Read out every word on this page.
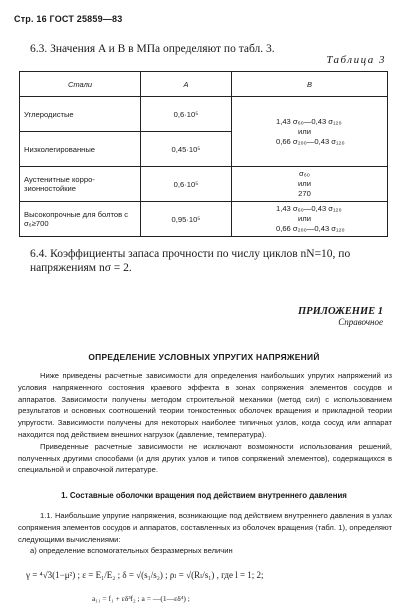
Стр. 16 ГОСТ 25859—83
6.3. Значения A и B в МПа определяют по табл. 3.
Таблица 3
Стали	A	B
Углеродистые	0,6·10⁵	1,43 σ₆₀—0,43 σ₁₂₀
или
0,66 σ₂₀₀—0,43 σ₁₂₀

Низколегированные	0,45·10⁵	
Аустенитные корро-зионностойкие	0,6·10⁵	σ₆₀
или
270

Высокопрочные для болтов с σ₆≥700	0,95·10⁵	1,43 σ₆₀—0,43 σ₁₂₀
или
0,66 σ₂₀₀—0,43 σ₁₂₀
6.4. Коэффициенты запаса прочности по числу циклов nN=10, по напряжениям nσ = 2.
ПРИЛОЖЕНИЕ 1
Справочное
ОПРЕДЕЛЕНИЕ УСЛОВНЫХ УПРУГИХ НАПРЯЖЕНИЙ

Ниже приведены расчетные зависимости для определения наибольших упругих напряжений из условия напряженного состояния краевого эффекта в зонах сопряжения элементов сосудов и аппаратов. Зависимости получены методом строительной механики (метод сил) с использованием результатов и основных соотношений теории тонкостенных оболочек вращения и прикладной теории упругости. Зависимости получены для некоторых наиболее типичных узлов, когда сосуд или аппарат находится под действием внешних нагрузок (давление, температура).

Приведенные расчетные зависимости не исключают возможности использования решений, полученных другими способами (и для других узлов и типов сопряжений элементов), содержащихся в специальной и справочной литературе.

1. Составные оболочки вращения под действием внутреннего давления

1.1. Наибольшие упругие напряжения, возникающие под действием внутреннего давления в узлах сопряжения элементов сосудов и аппаратов, составленных из оболочек вращения (табл. 1), определяют следующими вычислениями:

а) определение вспомогательных безразмерных величин

γ = ⁴√3(1−μ²) ; ε = E₁/E₂ ; δ = √(s₁/s₂) ; ρₗ = √(Rₗ/s₁) , где l = 1; 2;
a₁₁ = f₁ + εδ³f₂ ; a = —(1—εδ⁴) ;
